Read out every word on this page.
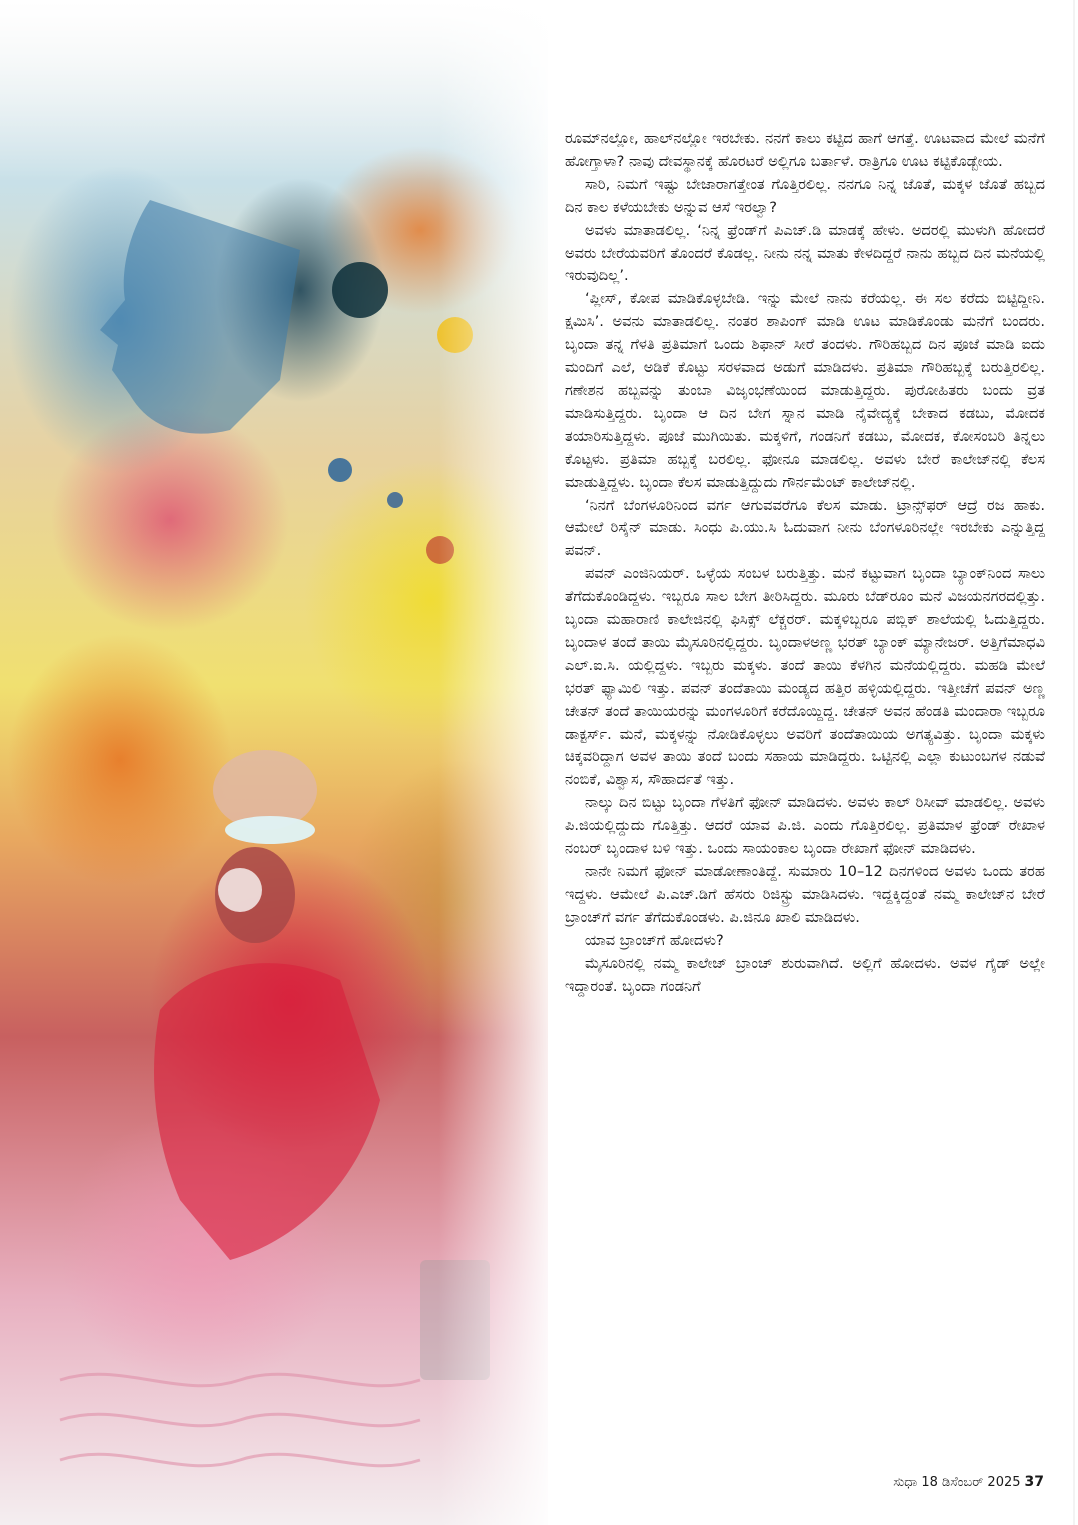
ರೂಮ್‌ನಲ್ಲೋ, ಹಾಲ್‌ನಲ್ಲೋ ಇರಬೇಕು. ನನಗೆ ಕಾಲು ಕಟ್ಟಿದ ಹಾಗೆ ಆಗತ್ತೆ. ಊಟವಾದ ಮೇಲೆ ಮನೆಗೆ ಹೋಗ್ತಾಳಾ? ನಾವು ದೇವಸ್ಥಾನಕ್ಕೆ ಹೊರಟರೆ ಅಲ್ಲಿಗೂ ಬರ್ತಾಳೆ. ರಾತ್ರಿಗೂ ಊಟ ಕಟ್ಟಿಕೊಡ್ಬೇಯ.

ಸಾರಿ, ನಿಮಗೆ ಇಷ್ಟು ಬೇಜಾರಾಗತ್ತೇಂತ ಗೊತ್ತಿರಲಿಲ್ಲ. ನನಗೂ ನಿನ್ನ ಜೊತೆ, ಮಕ್ಕಳ ಜೊತೆ ಹಬ್ಬದ ದಿನ ಕಾಲ ಕಳೆಯಬೇಕು ಅನ್ನುವ ಆಸೆ ಇರಲ್ವಾ?

ಅವಳು ಮಾತಾಡಲಿಲ್ಲ. ‘ನಿನ್ನ ಫ್ರೆಂಡ್‌ಗೆ ಪಿಎಚ್.ಡಿ ಮಾಡಕ್ಕೆ ಹೇಳು. ಅದರಲ್ಲಿ ಮುಳುಗಿ ಹೋದರೆ ಅವರು ಬೇರೆಯವರಿಗೆ ತೊಂದರೆ ಕೊಡಲ್ಲ. ನೀನು ನನ್ನ ಮಾತು ಕೇಳದಿದ್ದರೆ ನಾನು ಹಬ್ಬದ ದಿನ ಮನೆಯಲ್ಲಿ ಇರುವುದಿಲ್ಲ’.

‘ಪ್ಲೀಸ್, ಕೋಪ ಮಾಡಿಕೊಳ್ಳಬೇಡಿ. ಇನ್ನು ಮೇಲೆ ನಾನು ಕರೆಯಲ್ಲ. ಈ ಸಲ ಕರೆದು ಬಿಟ್ಟಿದ್ದೀನಿ. ಕ್ಷಮಿಸಿ’. ಅವನು ಮಾತಾಡಲಿಲ್ಲ. ನಂತರ ಶಾಪಿಂಗ್ ಮಾಡಿ ಊಟ ಮಾಡಿಕೊಂಡು ಮನೆಗೆ ಬಂದರು. ಬೃಂದಾ ತನ್ನ ಗೆಳತಿ ಪ್ರತಿಮಾಗೆ ಒಂದು ಶಿಫಾನ್ ಸೀರೆ ತಂದಳು. ಗೌರಿಹಬ್ಬದ ದಿನ ಪೂಜೆ ಮಾಡಿ ಐದು ಮಂದಿಗೆ ಎಲೆ, ಅಡಿಕೆ ಕೊಟ್ಟು ಸರಳವಾದ ಅಡುಗೆ ಮಾಡಿದಳು. ಪ್ರತಿಮಾ ಗೌರಿಹಬ್ಬಕ್ಕೆ ಬರುತ್ತಿರಲಿಲ್ಲ. ಗಣೇಶನ ಹಬ್ಬವನ್ನು ತುಂಬಾ ವಿಜೃಂಭಣೆಯಿಂದ ಮಾಡುತ್ತಿದ್ದರು. ಪುರೋಹಿತರು ಬಂದು ವ್ರತ ಮಾಡಿಸುತ್ತಿದ್ದರು. ಬೃಂದಾ ಆ ದಿನ ಬೇಗ ಸ್ನಾನ ಮಾಡಿ ನೈವೇದ್ಯಕ್ಕೆ ಬೇಕಾದ ಕಡಬು, ಮೋದಕ ತಯಾರಿಸುತ್ತಿದ್ದಳು. ಪೂಜೆ ಮುಗಿಯಿತು. ಮಕ್ಕಳಿಗೆ, ಗಂಡನಿಗೆ ಕಡಬು, ಮೋದಕ, ಕೋಸಂಬರಿ ತಿನ್ನಲು ಕೊಟ್ಟಳು. ಪ್ರತಿಮಾ ಹಬ್ಬಕ್ಕೆ ಬರಲಿಲ್ಲ. ಫೋನೂ ಮಾಡಲಿಲ್ಲ. ಅವಳು ಬೇರೆ ಕಾಲೇಜ್‌ನಲ್ಲಿ ಕೆಲಸ ಮಾಡುತ್ತಿದ್ದಳು. ಬೃಂದಾ ಕೆಲಸ ಮಾಡುತ್ತಿದ್ದುದು ಗೌರ್ನಮೆಂಟ್ ಕಾಲೇಜ್‌ನಲ್ಲಿ.

‘ನಿನಗೆ ಬೆಂಗಳೂರಿನಿಂದ ವರ್ಗ ಆಗುವವರೆಗೂ ಕೆಲಸ ಮಾಡು. ಟ್ರಾನ್ಸ್‌ಫರ್ ಆದ್ರೆ ರಜ ಹಾಕು. ಆಮೇಲೆ ರಿಸೈನ್ ಮಾಡು. ಸಿಂಧು ಪಿ.ಯು.ಸಿ ಓದುವಾಗ ನೀನು ಬೆಂಗಳೂರಿನಲ್ಲೇ ಇರಬೇಕು ಎನ್ನುತ್ತಿದ್ದ ಪವನ್.

ಪವನ್ ಎಂಜಿನಿಯರ್. ಒಳ್ಳೆಯ ಸಂಬಳ ಬರುತ್ತಿತ್ತು. ಮನೆ ಕಟ್ಟುವಾಗ ಬೃಂದಾ ಬ್ಯಾಂಕ್‌ನಿಂದ ಸಾಲು ತೆಗೆದುಕೊಂಡಿದ್ದಳು. ಇಬ್ಬರೂ ಸಾಲ ಬೇಗ ತೀರಿಸಿದ್ದರು. ಮೂರು ಬೆಡ್‌ರೂಂ ಮನೆ ವಿಜಯನಗರದಲ್ಲಿತ್ತು. ಬೃಂದಾ ಮಹಾರಾಣಿ ಕಾಲೇಜಿನಲ್ಲಿ ಫಿಸಿಕ್ಸ್ ಲೆಕ್ಚರರ್. ಮಕ್ಕಳಿಬ್ಬರೂ ಪಬ್ಲಿಕ್ ಶಾಲೆಯಲ್ಲಿ ಓದುತ್ತಿದ್ದರು. ಬೃಂದಾಳ ತಂದೆ ತಾಯಿ ಮೈಸೂರಿನಲ್ಲಿದ್ದರು. ಬೃಂದಾಳಅಣ್ಣ ಭರತ್ ಬ್ಯಾಂಕ್ ಮ್ಯಾನೇಜರ್. ಅತ್ತಿಗೆಮಾಧವಿ ಎಲ್.ಐ.ಸಿ. ಯಲ್ಲಿದ್ದಳು. ಇಬ್ಬರು ಮಕ್ಕಳು. ತಂದೆ ತಾಯಿ ಕೆಳಗಿನ ಮನೆಯಲ್ಲಿದ್ದರು. ಮಹಡಿ ಮೇಲೆ ಭರತ್ ಫ್ಯಾಮಿಲಿ ಇತ್ತು. ಪವನ್ ತಂದೆತಾಯಿ ಮಂಡ್ಯದ ಹತ್ತಿರ ಹಳ್ಳಿಯಲ್ಲಿದ್ದರು. ಇತ್ತೀಚೆಗೆ ಪವನ್ ಅಣ್ಣ ಚೇತನ್ ತಂದೆ ತಾಯಿಯರನ್ನು ಮಂಗಳೂರಿಗೆ ಕರೆದೊಯ್ದಿದ್ದ. ಚೇತನ್ ಅವನ ಹೆಂಡತಿ ಮಂದಾರಾ ಇಬ್ಬರೂ ಡಾಕ್ಟರ್ಸ್. ಮನೆ, ಮಕ್ಕಳನ್ನು ನೋಡಿಕೊಳ್ಳಲು ಅವರಿಗೆ ತಂದೆತಾಯಿಯ ಅಗತ್ಯವಿತ್ತು. ಬೃಂದಾ ಮಕ್ಕಳು ಚಿಕ್ಕವರಿದ್ದಾಗ ಅವಳ ತಾಯಿ ತಂದೆ ಬಂದು ಸಹಾಯ ಮಾಡಿದ್ದರು. ಒಟ್ಟಿನಲ್ಲಿ ಎಲ್ಲಾ ಕುಟುಂಬಗಳ ನಡುವೆ ನಂಬಿಕೆ, ವಿಶ್ವಾಸ, ಸೌಹಾರ್ದತೆ ಇತ್ತು.

ನಾಲ್ಕು ದಿನ ಬಿಟ್ಟು ಬೃಂದಾ ಗೆಳತಿಗೆ ಫೋನ್ ಮಾಡಿದಳು. ಅವಳು ಕಾಲ್ ರಿಸೀವ್ ಮಾಡಲಿಲ್ಲ. ಅವಳು ಪಿ.ಜಿಯಲ್ಲಿದ್ದುದು ಗೊತ್ತಿತ್ತು. ಆದರೆ ಯಾವ ಪಿ.ಜಿ. ಎಂದು ಗೊತ್ತಿರಲಿಲ್ಲ. ಪ್ರತಿಮಾಳ ಫ್ರೆಂಡ್ ರೇಖಾಳ ನಂಬರ್ ಬೃಂದಾಳ ಬಳಿ ಇತ್ತು. ಒಂದು ಸಾಯಂಕಾಲ ಬೃಂದಾ ರೇಖಾಗೆ ಫೋನ್ ಮಾಡಿದಳು.

ನಾನೇ ನಿಮಗೆ ಫೋನ್ ಮಾಡೋಣಾಂತಿದ್ದೆ. ಸುಮಾರು 10–12 ದಿನಗಳಿಂದ ಅವಳು ಒಂದು ತರಹ ಇದ್ದಳು. ಆಮೇಲೆ ಪಿ.ಎಚ್.ಡಿಗೆ ಹೆಸರು ರಿಜಿಸ್ಟ್ರು ಮಾಡಿಸಿದಳು. ಇದ್ದಕ್ಕಿದ್ದಂತೆ ನಮ್ಮ ಕಾಲೇಜ್‌ನ ಬೇರೆ ಬ್ರಾಂಚ್‌ಗೆ ವರ್ಗ ತೆಗೆದುಕೊಂಡಳು. ಪಿ.ಜಿನೂ ಖಾಲಿ ಮಾಡಿದಳು.

ಯಾವ ಬ್ರಾಂಚ್‌ಗೆ ಹೋದಳು?

ಮೈಸೂರಿನಲ್ಲಿ ನಮ್ಮ ಕಾಲೇಜ್ ಬ್ರಾಂಚ್ ಶುರುವಾಗಿದೆ. ಅಲ್ಲಿಗೆ ಹೋದಳು. ಅವಳ ಗೈಡ್ ಅಲ್ಲೇ ಇದ್ದಾರಂತೆ. ಬೃಂದಾ ಗಂಡನಿಗೆ

ಸುಧಾ 18 ಡಿಸೆಂಬರ್ 2025 37
